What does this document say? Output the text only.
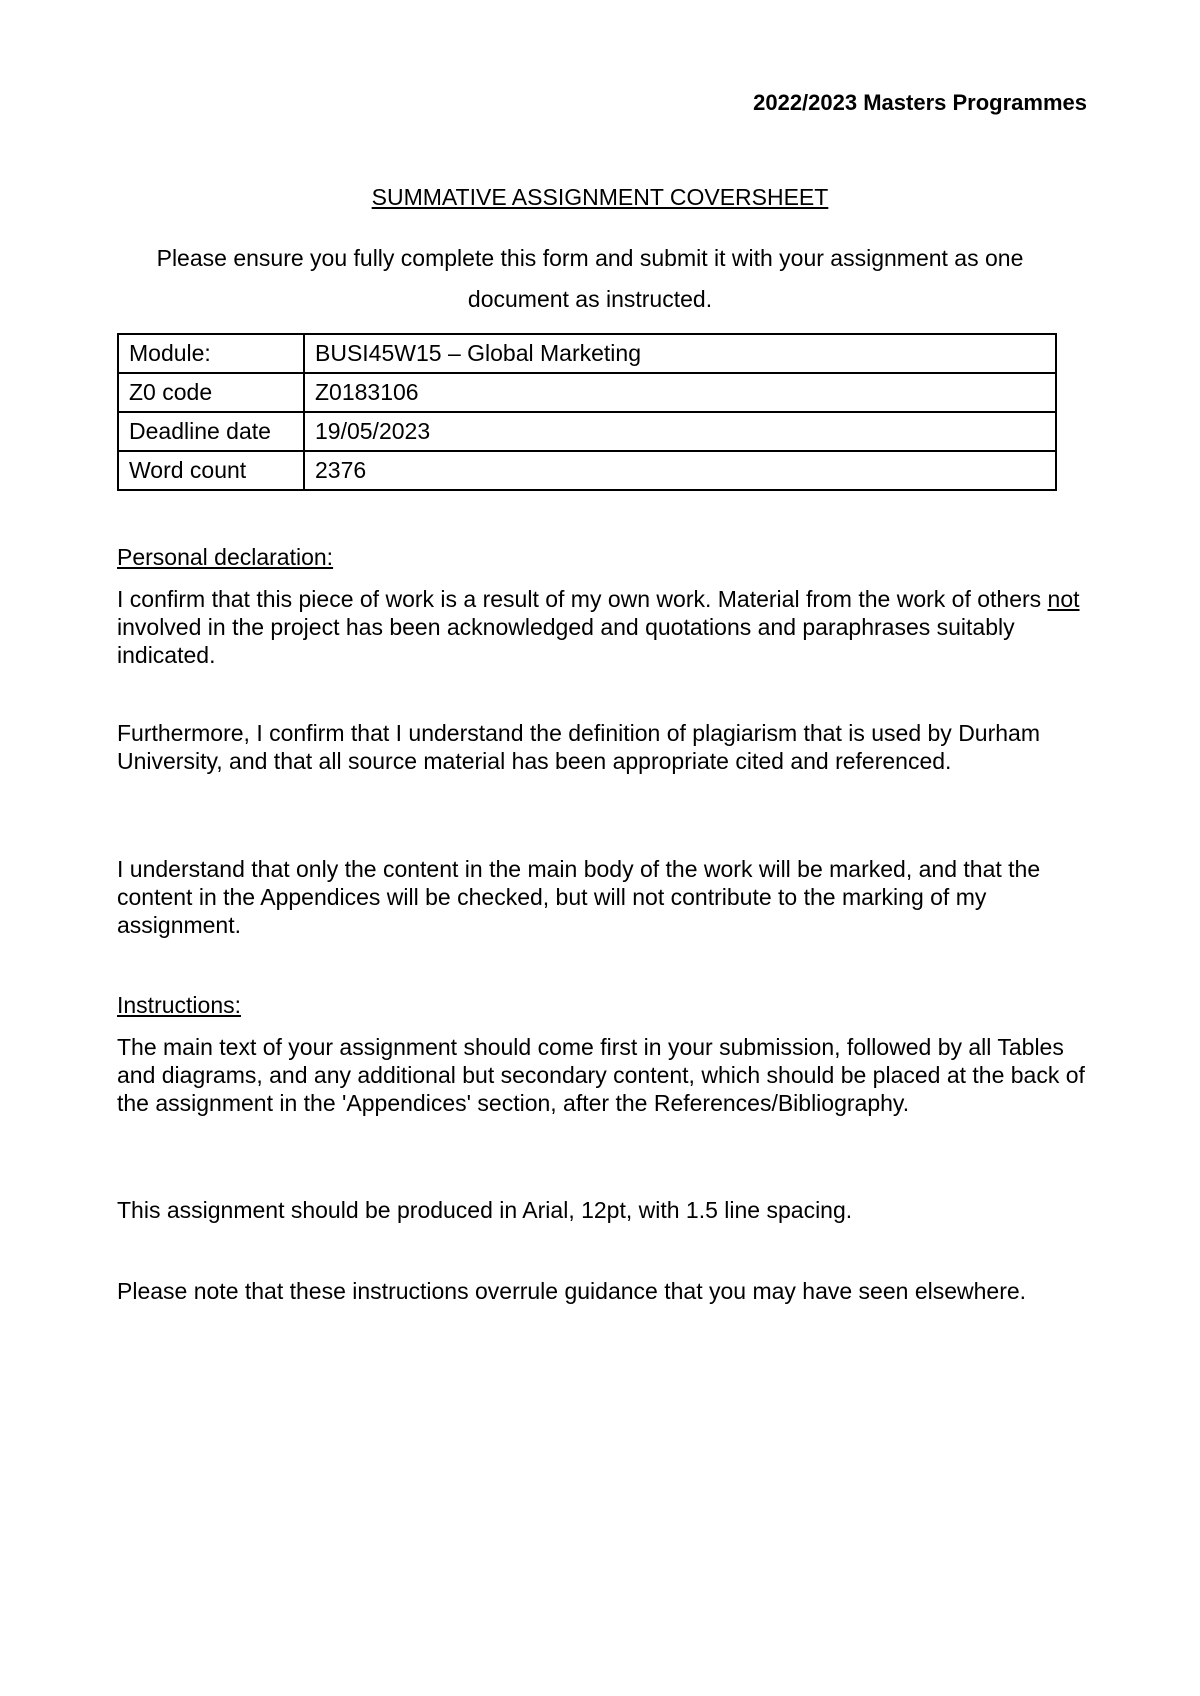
2022/2023 Masters Programmes
SUMMATIVE ASSIGNMENT COVERSHEET
Please ensure you fully complete this form and submit it with your assignment as one document as instructed.
Module:	BUSI45W15 – Global Marketing
Z0 code	Z0183106
Deadline date	19/05/2023
Word count	2376
Personal declaration:
I confirm that this piece of work is a result of my own work. Material from the work of others not involved in the project has been acknowledged and quotations and paraphrases suitably indicated.
Furthermore, I confirm that I understand the definition of plagiarism that is used by Durham University, and that all source material has been appropriate cited and referenced.
I understand that only the content in the main body of the work will be marked, and that the content in the Appendices will be checked, but will not contribute to the marking of my assignment.
Instructions:
The main text of your assignment should come first in your submission, followed by all Tables and diagrams, and any additional but secondary content, which should be placed at the back of the assignment in the 'Appendices' section, after the References/Bibliography.
This assignment should be produced in Arial, 12pt, with 1.5 line spacing.
Please note that these instructions overrule guidance that you may have seen elsewhere.
